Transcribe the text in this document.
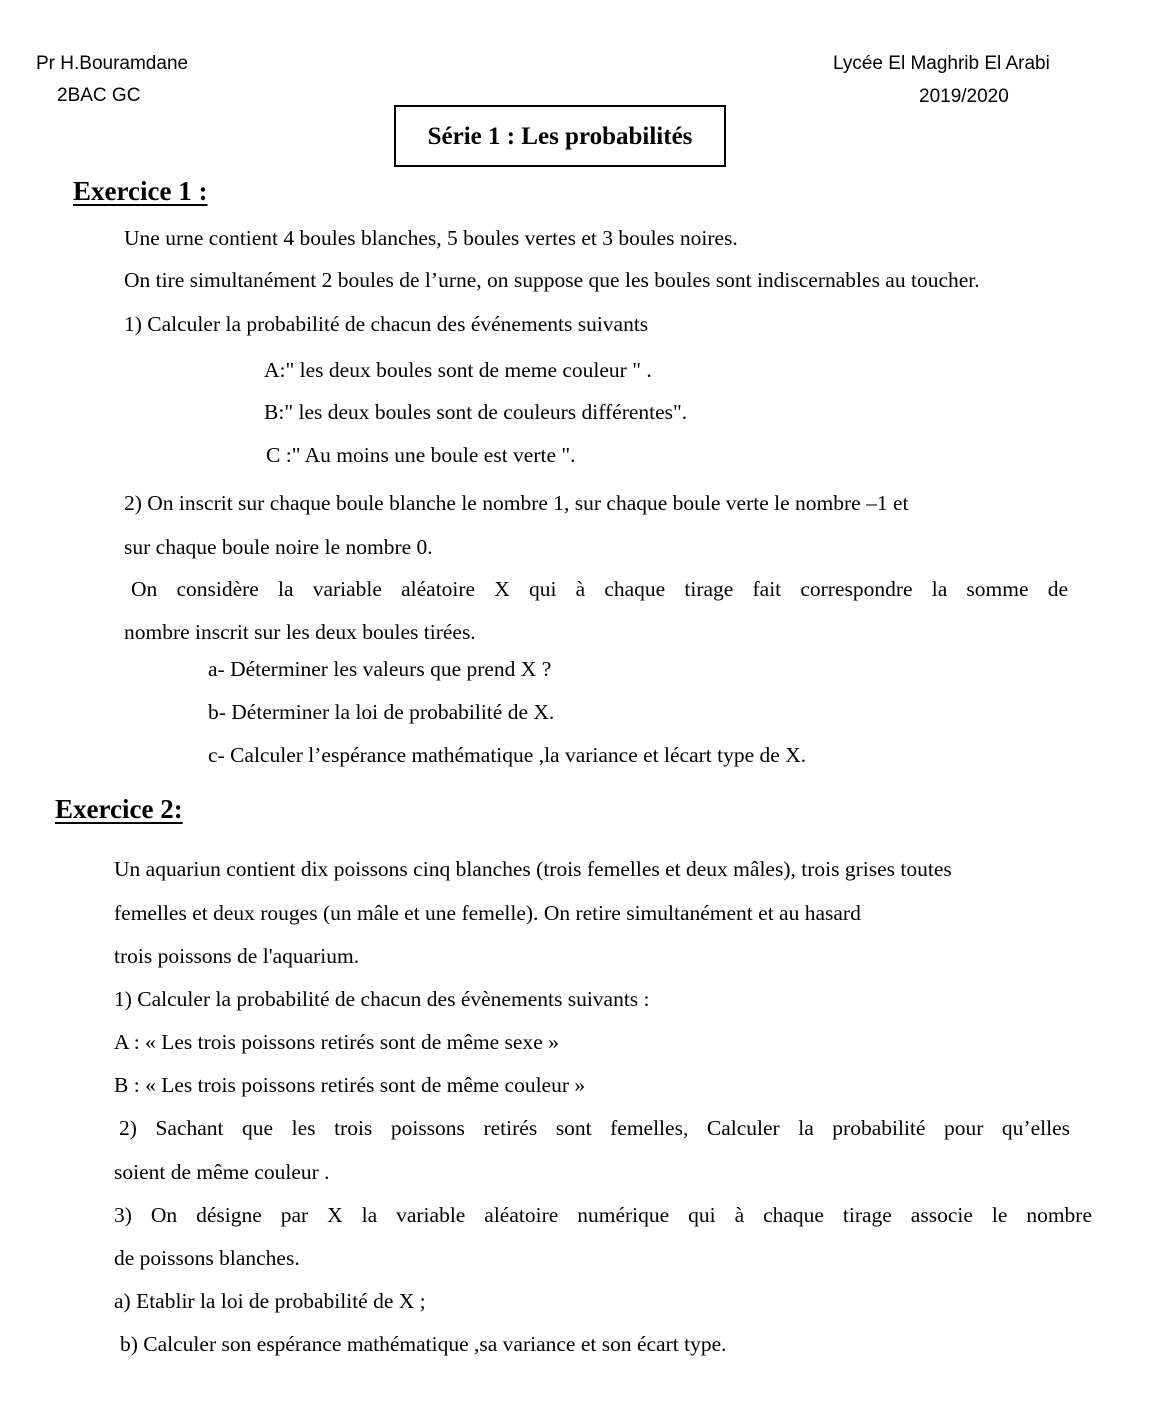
Pr H.Bouramdane
2BAC GC
Lycée El Maghrib El Arabi
2019/2020
Série 1 : Les probabilités
Exercice 1 :
Une urne contient 4 boules blanches, 5 boules vertes et 3 boules noires.
On tire simultanément 2 boules de l’urne, on suppose que les boules sont indiscernables au toucher.
1) Calculer la probabilité de chacun des événements suivants
A:" les deux boules sont de meme couleur " .
B:" les deux boules sont de couleurs différentes".
C :" Au moins une boule est verte ".
2) On inscrit sur chaque boule blanche le nombre 1, sur chaque boule verte le nombre –1 et
sur chaque boule noire le nombre 0.
On considère la variable aléatoire X qui à chaque tirage fait correspondre la somme de
nombre inscrit sur les deux boules tirées.
a- Déterminer les valeurs que prend X ?
b- Déterminer la loi de probabilité de X.
c- Calculer l’espérance mathématique ,la variance et lécart type de X.
Exercice 2:
Un aquariun contient dix poissons cinq blanches (trois femelles et deux mâles), trois grises toutes
femelles et deux rouges (un mâle et une femelle). On retire simultanément et au hasard
trois poissons de l'aquarium.
1) Calculer la probabilité de chacun des évènements suivants :
A : « Les trois poissons retirés sont de même sexe »
B : « Les trois poissons retirés sont de même couleur »
2) Sachant que les trois poissons retirés sont femelles, Calculer la probabilité pour qu’elles
soient de même couleur .
3) On désigne par X la variable aléatoire numérique qui à chaque tirage associe le nombre
de poissons blanches.
a) Etablir la loi de probabilité de X ;
b) Calculer son espérance mathématique ,sa variance et son écart type.
